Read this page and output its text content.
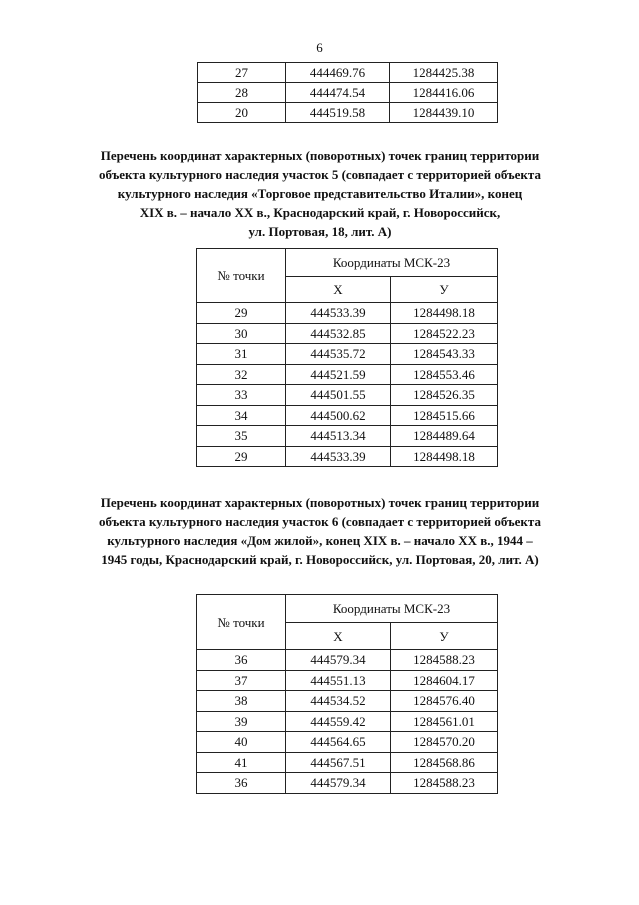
6
27	444469.76	1284425.38
28	444474.54	1284416.06
20	444519.58	1284439.10
Перечень координат характерных (поворотных) точек границ территории
объекта культурного наследия участок 5 (совпадает с территорией объекта
культурного наследия «Торговое представительство Италии», конец
XIX в. – начало XX в., Краснодарский край, г. Новороссийск,
ул. Портовая, 18, лит. А)
№ точки	Координаты МСК-23	
	Х	У
29	444533.39	1284498.18
30	444532.85	1284522.23
31	444535.72	1284543.33
32	444521.59	1284553.46
33	444501.55	1284526.35
34	444500.62	1284515.66
35	444513.34	1284489.64
29	444533.39	1284498.18
Перечень координат характерных (поворотных) точек границ территории
объекта культурного наследия участок 6 (совпадает с территорией объекта
культурного наследия «Дом жилой», конец XIX в. – начало XX в., 1944 –
1945 годы, Краснодарский край, г. Новороссийск, ул. Портовая, 20, лит. А)
№ точки	Координаты МСК-23	
	Х	У
36	444579.34	1284588.23
37	444551.13	1284604.17
38	444534.52	1284576.40
39	444559.42	1284561.01
40	444564.65	1284570.20
41	444567.51	1284568.86
36	444579.34	1284588.23
